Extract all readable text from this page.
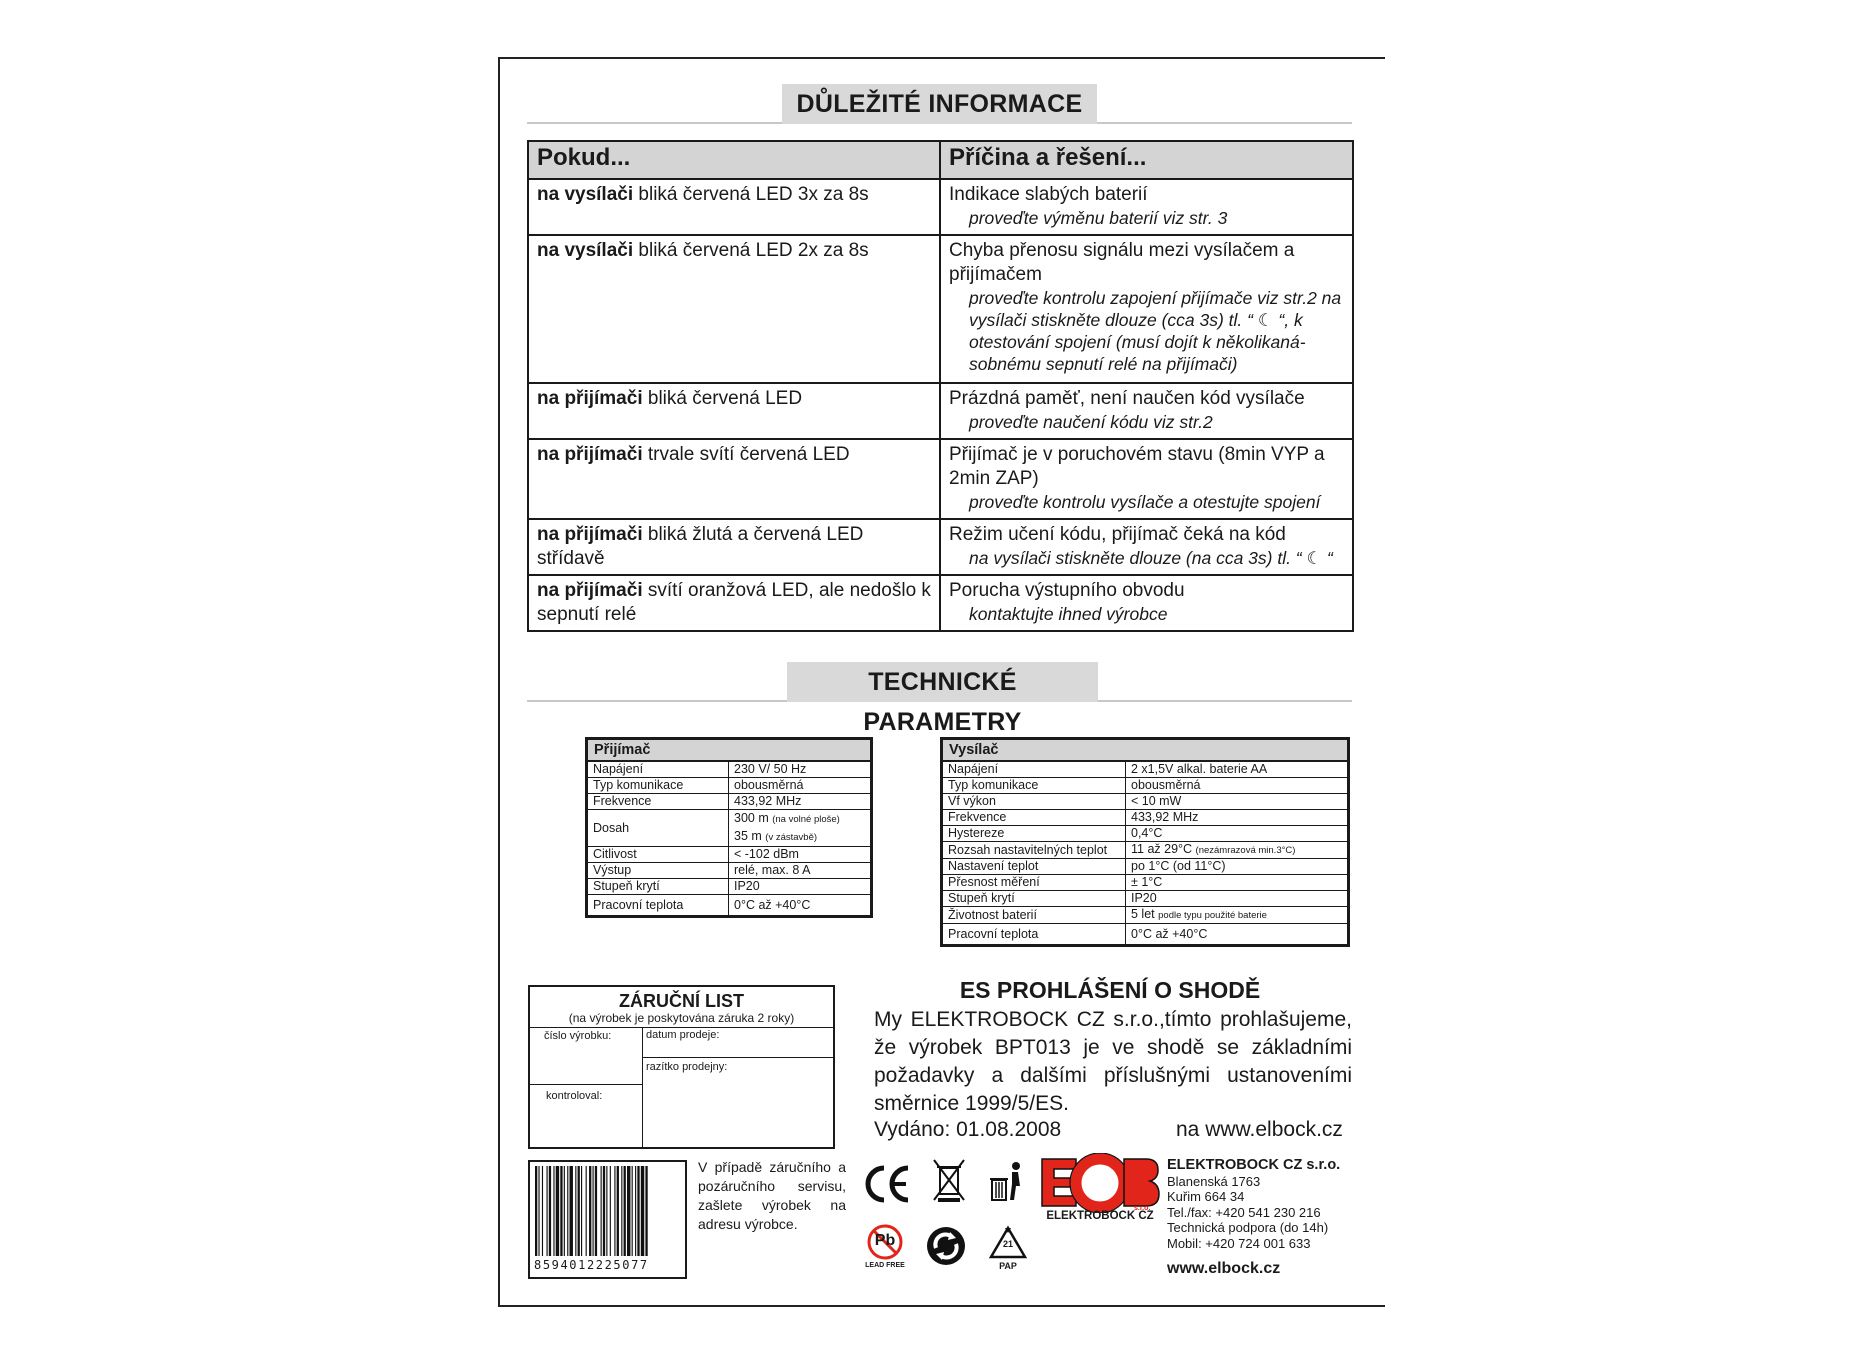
DŮLEŽITÉ INFORMACE
Pokud...	Příčina a řešení...
na vysílači bliká červená LED 3x za 8s	Indikace slabých baterií
proveďte výměnu baterií viz str. 3

na vysílači bliká červená LED 2x za 8s	Chyba přenosu signálu mezi vysílačem a přijímačem
proveďte kontrolu zapojení přijímače viz str.2 na vysílači stiskněte dlouze (cca 3s) tl. “ ☾ “, k otestování spojení (musí dojít k několikaná-sobnému sepnutí relé na přijímači)

na přijímači bliká červená LED	Prázdná paměť, není naučen kód vysílače
proveďte naučení kódu viz str.2

na přijímači trvale svítí červená LED	Přijímač je v poruchovém stavu (8min VYP a 2min ZAP)
proveďte kontrolu vysílače a otestujte spojení

na přijímači bliká žlutá a červená LED střídavě	Režim učení kódu, přijímač čeká na kód
na vysílači stiskněte dlouze (na cca 3s) tl. “ ☾ “

na přijímači svítí oranžová LED, ale nedošlo k sepnutí relé	Porucha výstupního obvodu
kontaktujte ihned výrobce
TECHNICKÉ PARAMETRY
Přijímač	
Napájení	230 V/ 50 Hz
Typ komunikace	obousměrná
Frekvence	433,92 MHz
Dosah	300 m (na volné ploše)
35 m (v zástavbě)
Citlivost	< -102 dBm
Výstup	relé, max. 8 A
Stupeň krytí	IP20
Pracovní teplota	0°C až +40°C
Vysílač	
Napájení	2 x1,5V alkal. baterie AA
Typ komunikace	obousměrná
Vf výkon	< 10 mW
Frekvence	433,92 MHz
Hystereze	0,4°C
Rozsah nastavitelných teplot	11 až 29°C (nezámrazová min.3°C)
Nastavení teplot	po 1°C (od 11°C)
Přesnost měření	± 1°C
Stupeň krytí	IP20
Životnost baterií	5 let podle typu použité baterie
Pracovní teplota	0°C až +40°C
ZÁRUČNÍ LIST
(na výrobek je poskytována záruka 2 roky)
číslo výrobku:	datum prodeje:
razítko prodejny:
kontroloval:
ES PROHLÁŠENÍ O SHODĚ
My ELEKTROBOCK CZ s.r.o.,tímto prohlašujeme, že výrobek BPT013 je ve shodě se základními požadavky a dalšími příslušnými ustanoveními směrnice 1999/5/ES.
Vydáno: 01.08.2008	na www.elbock.cz
8594012225077
V případě záručního a pozáručního servisu, zašlete výrobek na adresu výrobce.
s.r.o.
ELEKTROBOCK CZ
Pb
LEAD FREE
21
PAP
ELEKTROBOCK CZ s.r.o.
Blanenská 1763
Kuřim 664 34
Tel./fax: +420 541 230 216
Technická podpora (do 14h)
Mobil: +420 724 001 633
www.elbock.cz
